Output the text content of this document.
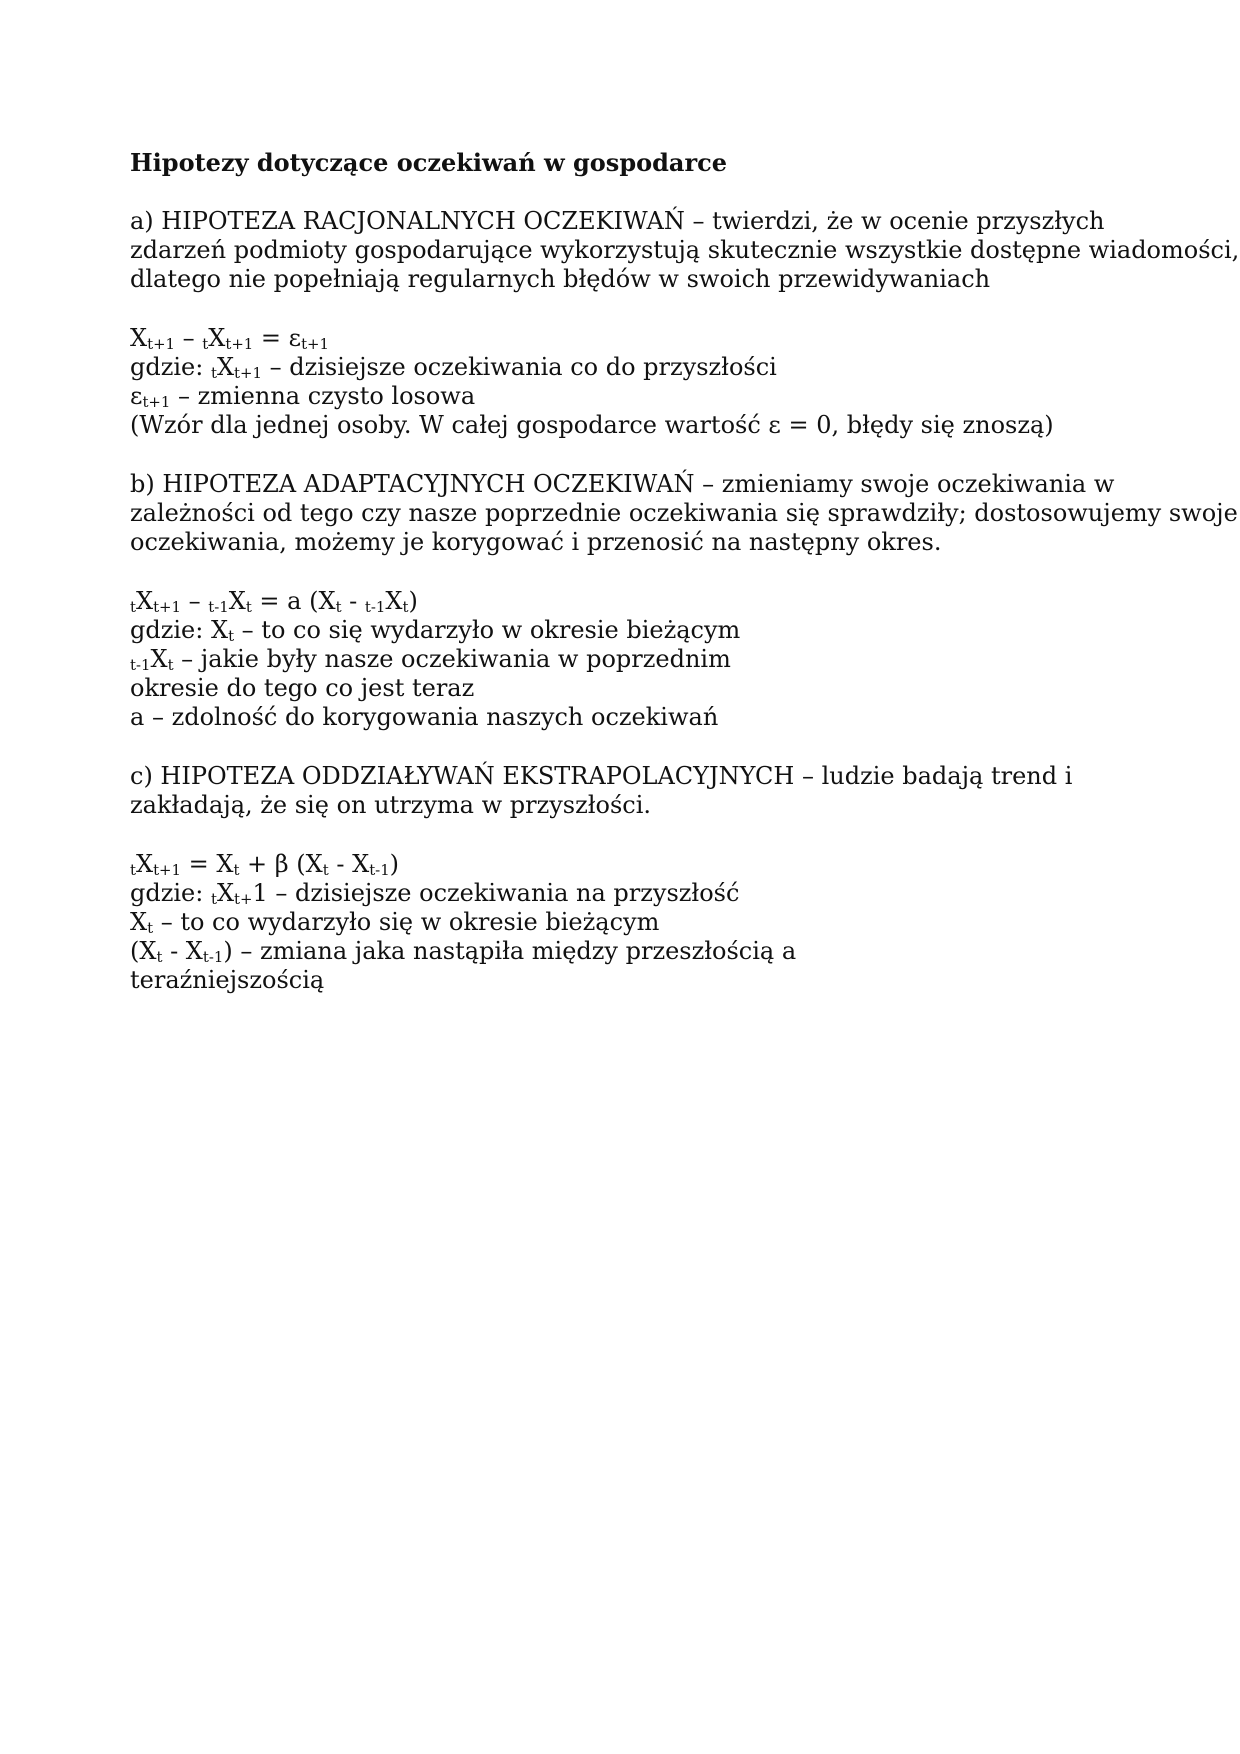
Hipotezy dotyczące oczekiwań w gospodarce
a) HIPOTEZA RACJONALNYCH OCZEKIWAŃ – twierdzi, że w ocenie przyszłych
zdarzeń podmioty gospodarujące wykorzystują skutecznie wszystkie dostępne wiadomości,
dlatego nie popełniają regularnych błędów w swoich przewidywaniach
$X_{t+1} - _tX_{t+1} = \varepsilon_{t+1}$
gdzie: $_tX_{t+1}$ – dzisiejsze oczekiwania co do przyszłości
$\varepsilon_{t+1}$ – zmienna czysto losowa
(Wzór dla jednej osoby. W całej gospodarce wartość ε = 0, błędy się znoszą)
b) HIPOTEZA ADAPTACYJNYCH OCZEKIWAŃ – zmieniamy swoje oczekiwania w
zależności od tego czy nasze poprzednie oczekiwania się sprawdziły; dostosowujemy swoje
oczekiwania, możemy je korygować i przenosić na następny okres.
$_tX_{t+1} - _{t-1}X_t = a$ $(X_t - _{t-1}X_t)$
gdzie: $X_t$ – to co się wydarzyło w okresie bieżącym
$_{t-1}X_t$ – jakie były nasze oczekiwania w poprzednim
okresie do tego co jest teraz
a – zdolność do korygowania naszych oczekiwań
c) HIPOTEZA ODDZIAŁYWAŃ EKSTRAPOLACYJNYCH – ludzie badają trend i
zakładają, że się on utrzyma w przyszłości.
$_tX_{t+1} = X_t + \beta$ $(X_t - X_{t-1})$
gdzie: $_tX_{t+}1$ – dzisiejsze oczekiwania na przyszłość
$X_t$ – to co wydarzyło się w okresie bieżącym
$(X_t - X_{t-1})$ – zmiana jaka nastąpiła między przeszłością a
teraźniejszością
